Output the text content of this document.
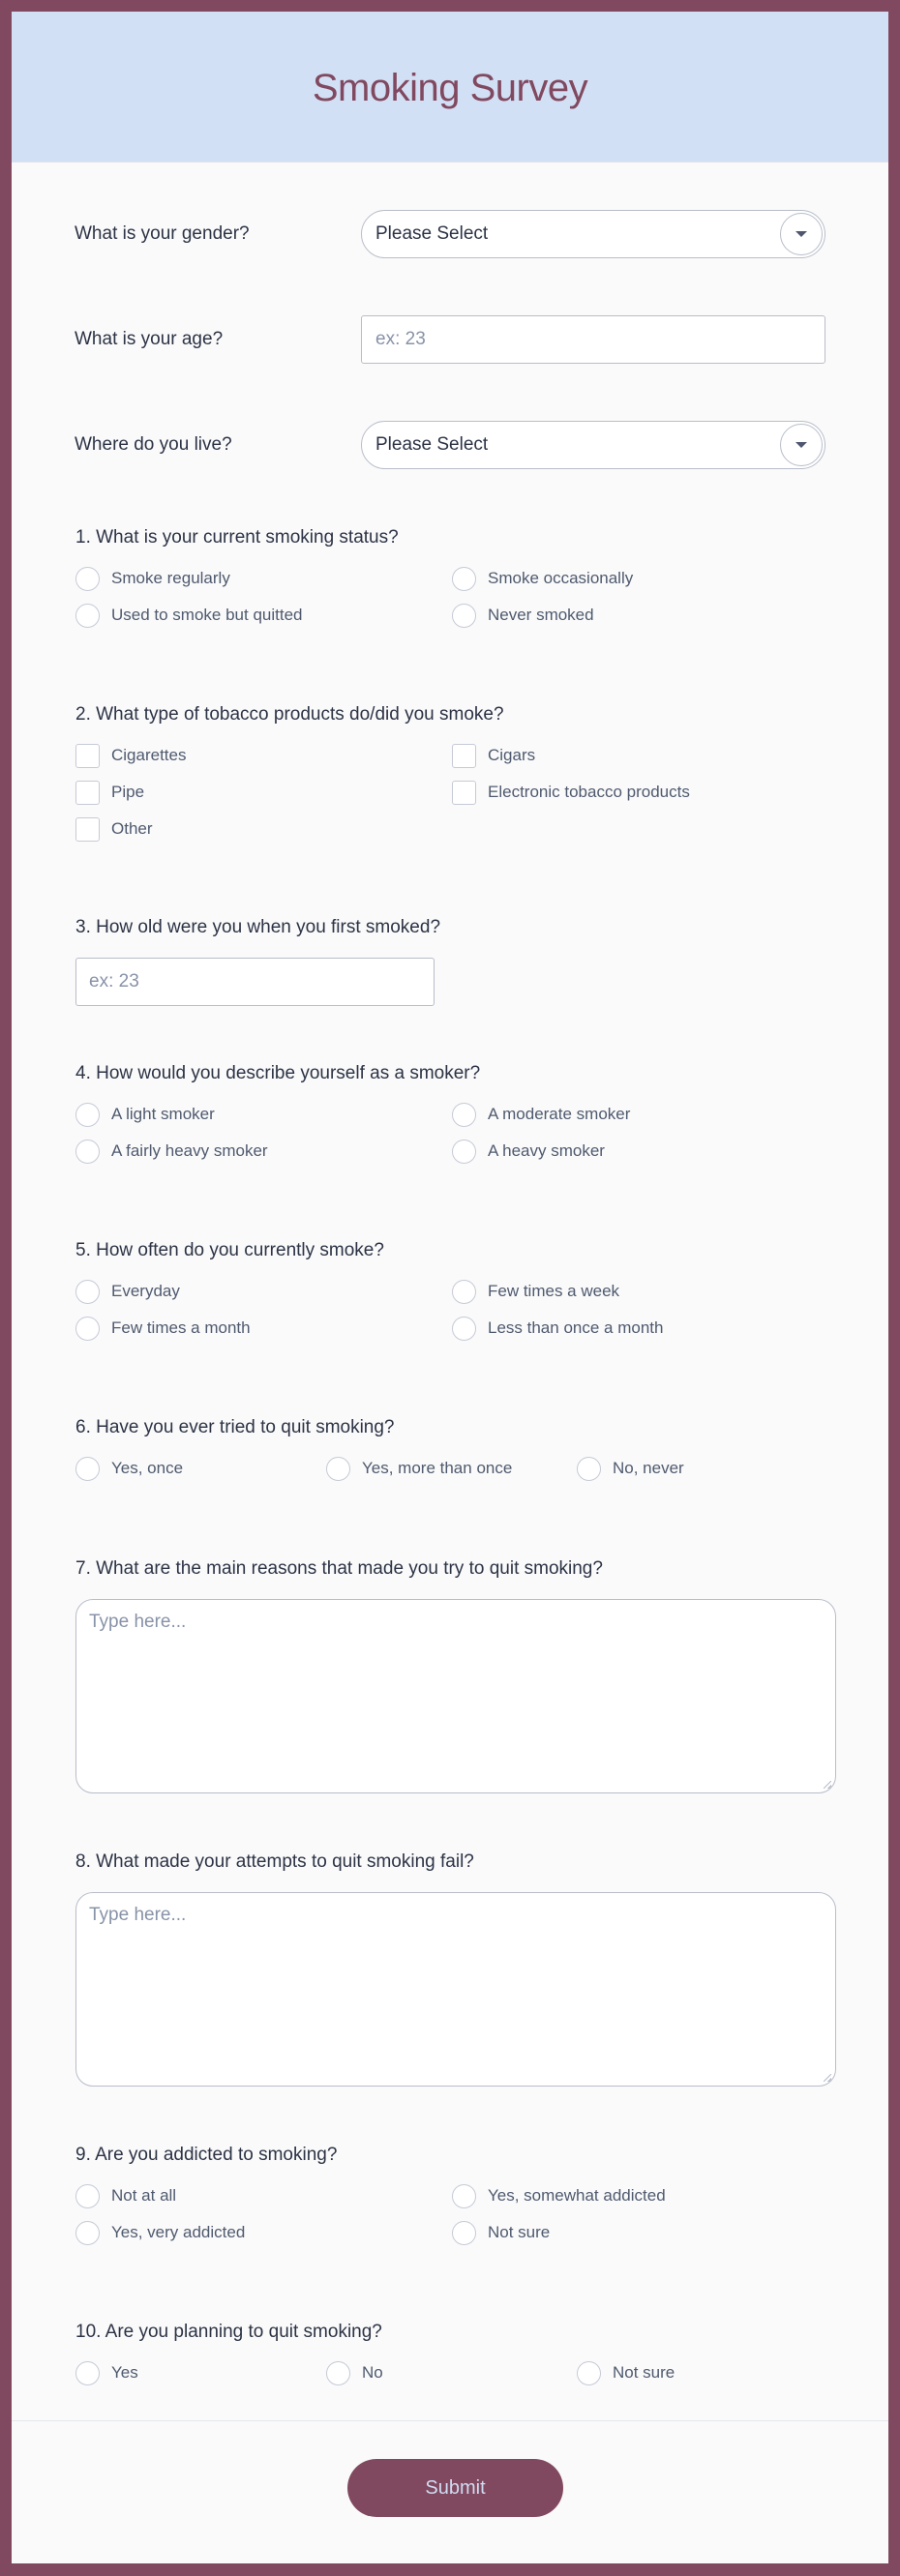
Smoking Survey
What is your gender?	Please Select
What is your age?	ex: 23
Where do you live?	Please Select
1. What is your current smoking status?
Smoke regularly	Smoke occasionally
Used to smoke but quitted	Never smoked
2. What type of tobacco products do/did you smoke?
Cigarettes	Cigars
Pipe	Electronic tobacco products
Other
3. How old were you when you first smoked?
ex: 23
4. How would you describe yourself as a smoker?
A light smoker	A moderate smoker
A fairly heavy smoker	A heavy smoker
5. How often do you currently smoke?
Everyday	Few times a week
Few times a month	Less than once a month
6. Have you ever tried to quit smoking?
Yes, once	Yes, more than once	No, never
7. What are the main reasons that made you try to quit smoking?
Type here...
8. What made your attempts to quit smoking fail?
Type here...
9. Are you addicted to smoking?
Not at all	Yes, somewhat addicted
Yes, very addicted	Not sure
10. Are you planning to quit smoking?
Yes	No	Not sure
Submit
